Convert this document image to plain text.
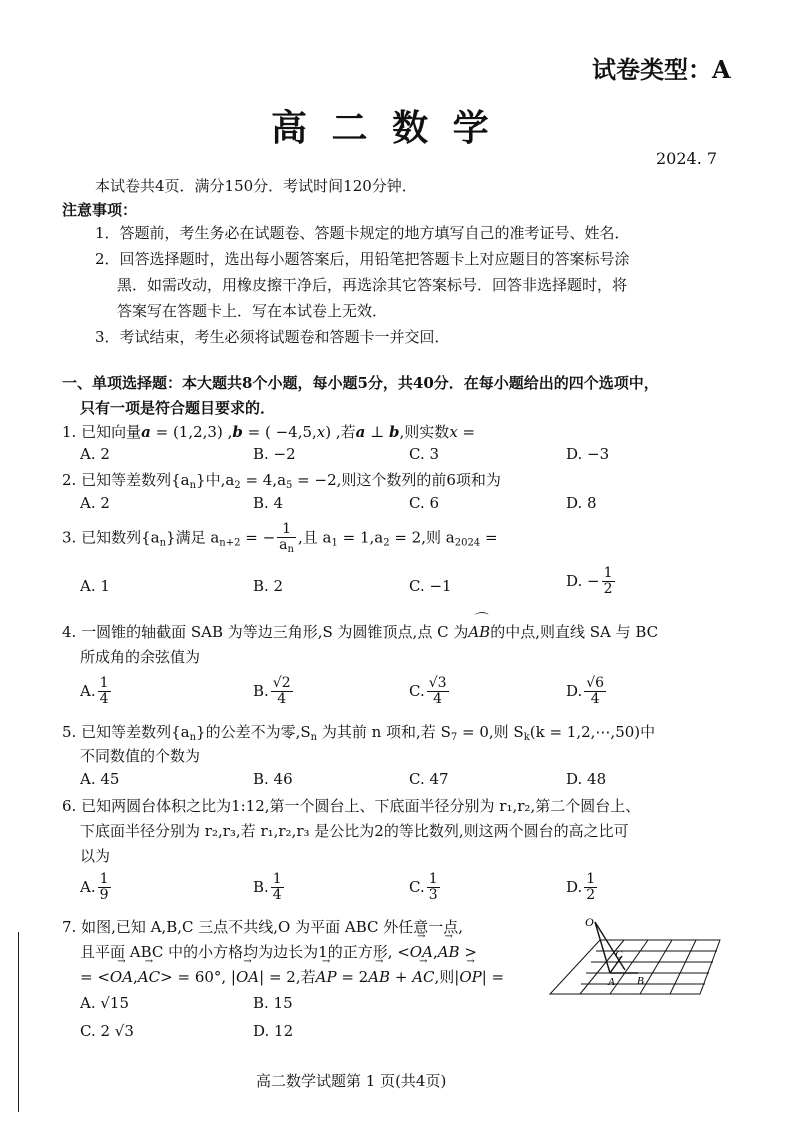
试卷类型：A
高 二 数 学
2024. 7
本试卷共4页．满分150分．考试时间120分钟．
注意事项：
1．答题前，考生务必在试题卷、答题卡规定的地方填写自己的准考证号、姓名．
2．回答选择题时，选出每小题答案后，用铅笔把答题卡上对应题目的答案标号涂
黑．如需改动，用橡皮擦干净后，再选涂其它答案标号．回答非选择题时，将
答案写在答题卡上．写在本试卷上无效．
3．考试结束，考生必须将试题卷和答题卡一并交回．
一、单项选择题：本大题共8个小题，每小题5分，共40分．在每小题给出的四个选项中，
只有一项是符合题目要求的．
1. 已知向量a = (1,2,3) ,b = ( −4,5,x) ,若a ⊥ b,则实数x =
A. 2	B. −2	C. 3	D. −3
2. 已知等差数列$\{a_n\}$中$,a_2 = 4,a_5 = -2$,则这个数列的前6项和为
A. 2	B. 4	C. 6	D. 8
3. 已知数列$\{a_n\}$满足 $a_{n+2}$ = − $\frac{1}{a_n}$ ,且 $a_1 = 1,a_2 = 2$,则 $a_{2024}$ =
A. 1	B. 2	C. −1	D. − $\frac{1}{2}$
4. 一圆锥的轴截面 SAB 为等边三角形,S 为圆锥顶点,点 C 为⌒ AB的中点,则直线 SA 与 BC
所成角的余弦值为
A. $\frac{1}{4}$	B. $\frac{√2}{4}$	C. $\frac{√3}{4}$	D. $\frac{√6}{4}$
5. 已知等差数列$\{a_n\}$的公差不为零$,S_n$ 为其前 n 项和,若 $S_7 = 0$,则 $S_k(k$ = 1,2,⋯,50)中
不同数值的个数为
A. 45	B. 46	C. 47	D. 48
6. 已知两圆台体积之比为1:12,第一个圆台上、下底面半径分别为 r₁,r₂,第二个圆台上、
下底面半径分别为 r₂,r₃,若 r₁,r₂,r₃ 是公比为2的等比数列,则这两个圆台的高之比可
以为
A. $\frac{1}{9}$	B. $\frac{1}{4}$	C. $\frac{1}{3}$	D. $\frac{1}{2}$
7. 如图,已知 A,B,C 三点不共线,O 为平面 ABC 外任意一点,
且平面 ABC 中的小方格均为边长为1的正方形, <→ OA,→ AB >
= <→ OA,→ AC> = 60°, |→ OA| = 2,若→ AP = 2→ AB + → AC,则|→ OP| =
A. √15	B. 15
C. 2 √3	D. 12
O
C
A B
高二数学试题第 1 页(共4页)
